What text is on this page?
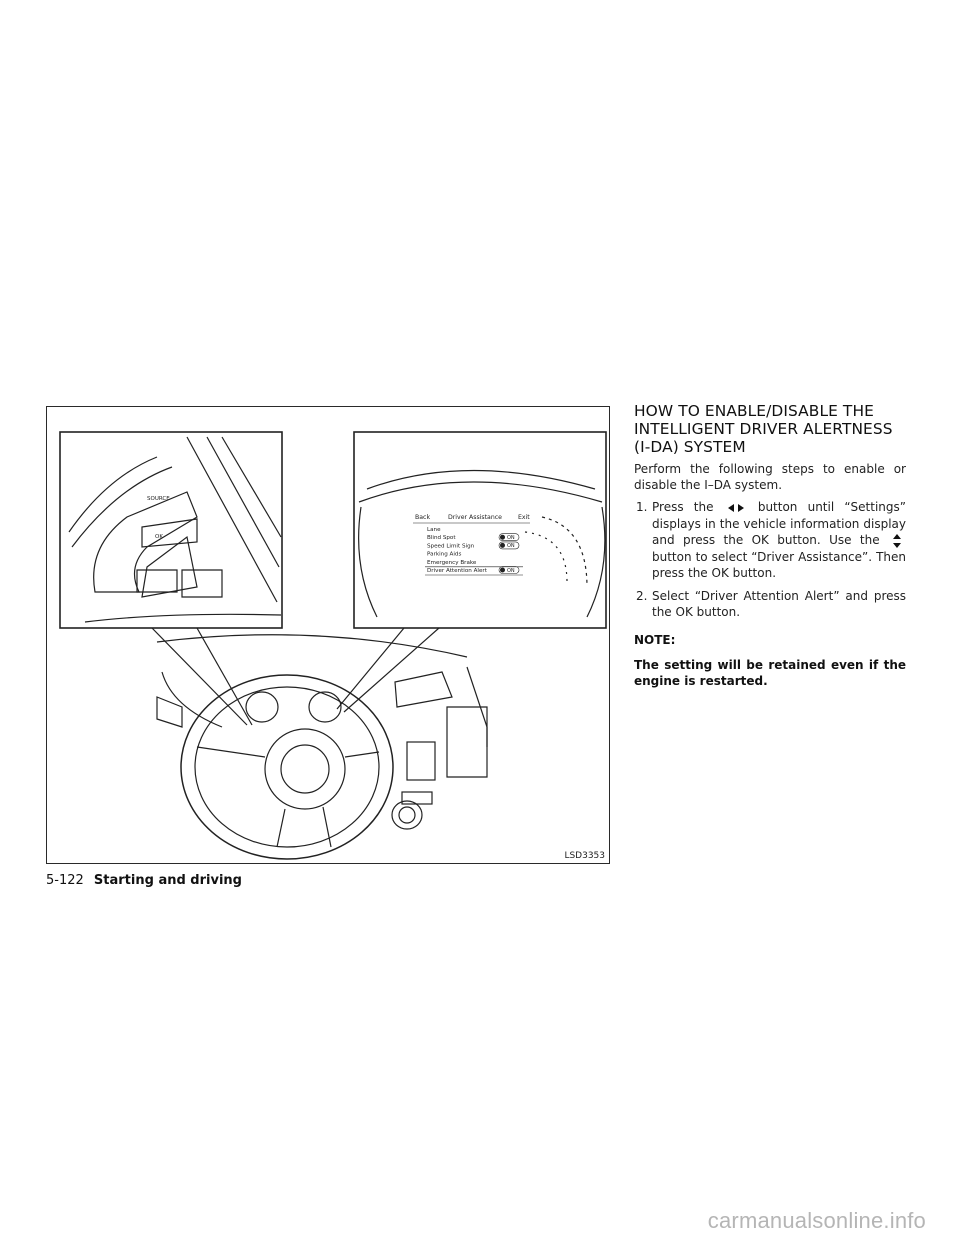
SOURCE
OK
Back	Driver Assistance	Exit
Lane
Blind Spot	ON
Speed Limit Sign	ON
Parking Aids
Emergency Brake
Driver Attention Alert	ON
LSD3353
HOW TO ENABLE/DISABLE THE
INTELLIGENT DRIVER ALERTNESS
(I-DA) SYSTEM

Perform the following steps to enable or disable the I–DA system.

1. Press the	button until “Settings” displays in the vehicle information display and press the OK button. Use the  button to select “Driver Assistance”. Then press the OK button.
2. Select “Driver Attention Alert” and press the OK button.
NOTE:
The setting will be retained even if the engine is restarted.
5-122 Starting and driving
carmanualsonline.info
